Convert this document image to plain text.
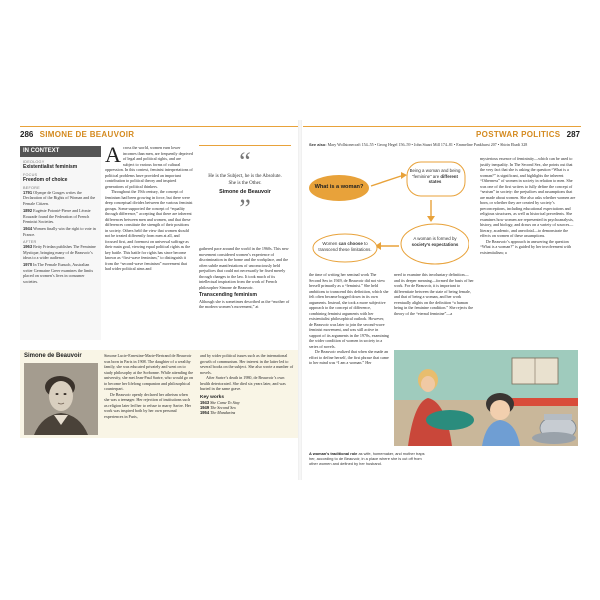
286 SIMONE DE BEAUVOIR	POSTWAR POLITICS 287
IN CONTEXT
IDEOLOGY
Existentialist feminism
FOCUS
Freedom of choice
BEFORE
1791 Olympe de Gouges writes the Declaration of the Rights of Woman and the Female Citizen.
1892 Eugénie Potonié-Pierre and Léonie Rouzade found the Federation of French Feminist Societies.
1944 Women finally win the right to vote in France.
AFTER
1963 Betty Friedan publishes The Feminine Mystique, bringing many of de Beauvoir’s ideas to a wider audience.
1970 In The Female Eunuch, Australian writer Germaine Greer examines the limits placed on women’s lives in consumer societies.
A cross the world, women earn lower incomes than men, are frequently deprived of legal and political rights, and are subject to various forms of cultural oppression. In this context, feminist interpretations of political problems have provided an important contribution to political theory and inspired generations of political thinkers.
Throughout the 19th century, the concept of feminism had been growing in force, but there were deep conceptual divides between the various feminist groups. Some supported the concept of “equality through difference,” accepting that there are inherent differences between men and women, and that these differences constitute the strength of their positions in society. Others held the view that women should not be treated differently from men at all, and focused first, and foremost on universal suffrage as their main goal, viewing equal political rights as the key battle. This battle for rights has since become known as “first-wave feminism,” to distinguish it from the “second-wave feminism” movement that had wider political aims and
“
He is the Subject, he is the Absolute. She is the Other.
Simone de Beauvoir
”
gathered pace around the world in the 1960s. This new movement considered women’s experience of discrimination in the home and the workplace, and the often subtle manifestations of unconsciously held prejudices that could not necessarily be fixed merely through changes to the law. It took much of its intellectual inspiration from the work of French philosopher Simone de Beauvoir.
Transcending feminism
Although she is sometimes described as the “mother of the modern women’s movement,” at
Simone de Beauvoir	Simone Lucie-Ernestine-Marie-Bertrand de Beauvoir was born in Paris in 1908. The daughter of a wealthy family, she was educated privately and went on to study philosophy at the Sorbonne. While attending the university, she met Jean-Paul Sartre, who would go on to become her lifelong companion and philosophical counterpart.
De Beauvoir openly declared her atheism when she was a teenager. Her rejection of institutions such as religion later led her to refuse to marry Sartre. Her work was inspired both by her own personal experiences in Paris,
and by wider political issues such as the international growth of communism. Her interest in the latter led to several books on the subject. She also wrote a number of novels.
After Sartre’s death in 1980, de Beauvoir’s own health deteriorated. She died six years later, and was buried in the same grave.
Key works
1943 She Came To Stay
1949 The Second Sex
1954 The Mandarins
See also: Mary Wollstonecraft 154–55 • Georg Hegel 156–59 • John Stuart Mill 174–81 • Emmeline Pankhurst 207 • Shirin Ebadi 328
What is a woman?
Being a woman and being “feminine” are different states
A woman is formed by society’s expectations
Women can choose to transcend these limitations.
mysterious essence of femininity—which can be used to justify inequality. In The Second Sex, she points out that the very fact that she is asking the question “What is a woman?” is significant, and highlights the inherent “Otherness” of women in society in relation to men. She was one of the first writers to fully define the concept of “sexism” in society: the prejudices and assumptions that are made about women. She also asks whether women are born, or whether they are created by society’s preconceptions, including educational expectations and religious structures, as well as historical precedents. She examines how women are represented in psychoanalysis, history, and biology, and draws on a variety of sources—literary, academic, and anecdotal—to demonstrate the effects on women of these assumptions.
De Beauvoir’s approach in answering the question “What is a woman?” is guided by her involvement with existentialism; a
the time of writing her seminal work The Second Sex in 1949, de Beauvoir did not view herself primarily as a “feminist.” She held ambitions to transcend this definition, which she felt often became bogged down in its own arguments. Instead, she took a more subjective approach to the concept of difference, combining feminist arguments with her existentialist philosophical outlook. However, de Beauvoir was later to join the second-wave feminist movement, and was still active in support of its arguments in the 1970s, examining the wider condition of women in society in a series of novels.
De Beauvoir realized that when she made an effort to define herself, the first phrase that came to her mind was “I am a woman.” Her
need to examine this involuntary definition—and its deeper meaning—formed the basis of her work. For de Beauvoir, it is important to differentiate between the state of being female, and that of being a woman, and her work eventually alights on the definition “a human being in the feminine condition.” She rejects the theory of the “eternal feminine”—a
A woman’s traditional role as wife, homemaker, and mother traps her, according to de Beauvoir, in a place where she is cut off from other women and defined by her husband.
